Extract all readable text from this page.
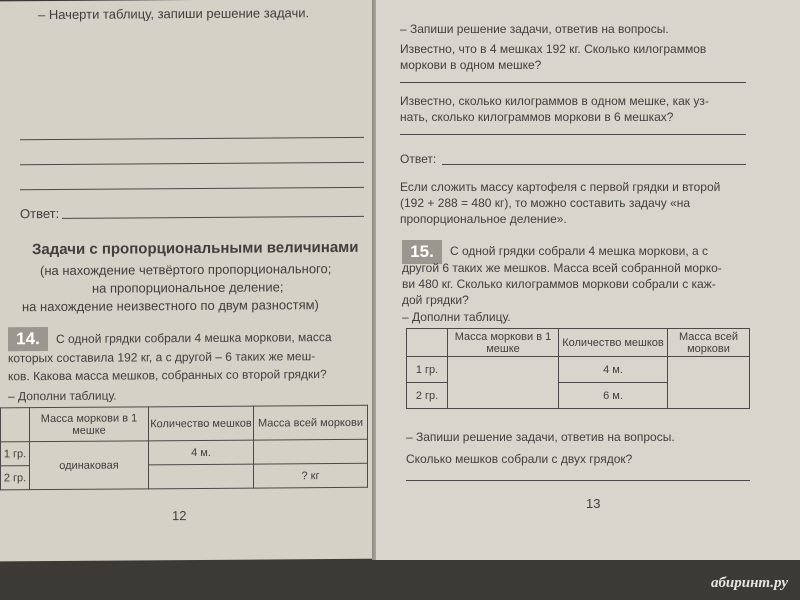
– Начерти таблицу, запиши решение задачи.
Ответ:
Задачи с пропорциональными величинами
(на нахождение четвёртого пропорционального;
на пропорциональное деление;
на нахождение неизвестного по двум разностям)
14.	С одной грядки собрали 4 мешка моркови, масса
которых составила 192 кг, а с другой – 6 таких же меш-
ков. Какова масса мешков, собранных со второй грядки?
– Дополни таблицу.
	Масса моркови в 1 мешке	Количество мешков	Масса всей моркови
1 гр.	одинаковая	4 м.	
2 гр.			? кг
12
– Запиши решение задачи, ответив на вопросы.
Известно, что в 4 мешках 192 кг. Сколько килограммов
моркови в одном мешке?
Известно, сколько килограммов в одном мешке, как уз-
нать, сколько килограммов моркови в 6 мешках?
Ответ:
Если сложить массу картофеля с первой грядки и второй
(192 + 288 = 480 кг), то можно составить задачу «на
пропорциональное деление».
15.	С одной грядки собрали 4 мешка моркови, а с
другой 6 таких же мешков. Масса всей собранной морко-
ви 480 кг. Сколько килограммов моркови собрали с каж-
дой грядки?
– Дополни таблицу.
	Масса моркови в 1 мешке	Количество мешков	Масса всей моркови
1 гр.		4 м.	
2 гр.		6 м.	
– Запиши решение задачи, ответив на вопросы.
Сколько мешков собрали с двух грядок?
13
абиринт.ру
